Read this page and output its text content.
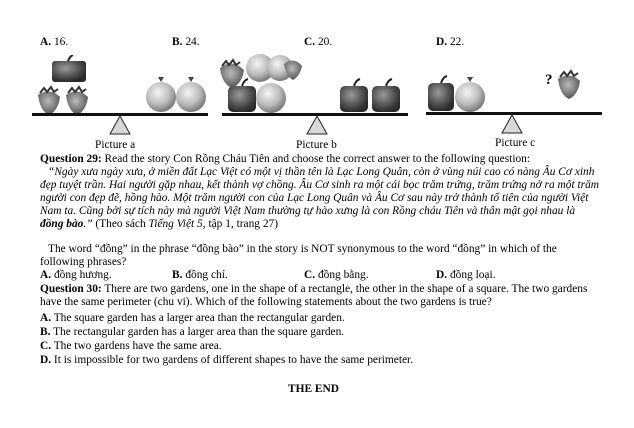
A. 16.	B. 24.	C. 20.	D. 22.
Picture a	Picture b
?
Picture c
Question 29: Read the story Con Rồng Cháu Tiên and choose the correct answer to the following question:
“Ngày xưa ngày xưa, ở miền đất Lạc Việt có một vị thần tên là Lạc Long Quân, còn ở vùng núi cao có nàng Âu Cơ xinh đẹp tuyệt trần. Hai người gặp nhau, kết thành vợ chồng. Âu Cơ sinh ra một cái bọc trăm trứng, trăm trứng nở ra một trăm người con đẹp đẽ, hồng hào. Một trăm người con của Lạc Long Quân và Âu Cơ sau này trở thành tổ tiên của người Việt Nam ta. Cũng bởi sự tích này mà người Việt Nam thường tự hào xưng là con Rồng cháu Tiên và thân mật gọi nhau là đồng bào.” (Theo sách Tiếng Việt 5, tập 1, trang 27)
The word “đồng” in the phrase “đồng bào” in the story is NOT synonymous to the word “đồng” in which of the following phrases?
A. đồng hương.	B. đồng chí.	C. đồng bằng.	D. đồng loại.
Question 30: There are two gardens, one in the shape of a rectangle, the other in the shape of a square. The two gardens have the same perimeter (chu vi). Which of the following statements about the two gardens is true?
A. The square garden has a larger area than the rectangular garden.
B. The rectangular garden has a larger area than the square garden.
C. The two gardens have the same area.
D. It is impossible for two gardens of different shapes to have the same perimeter.
THE END
